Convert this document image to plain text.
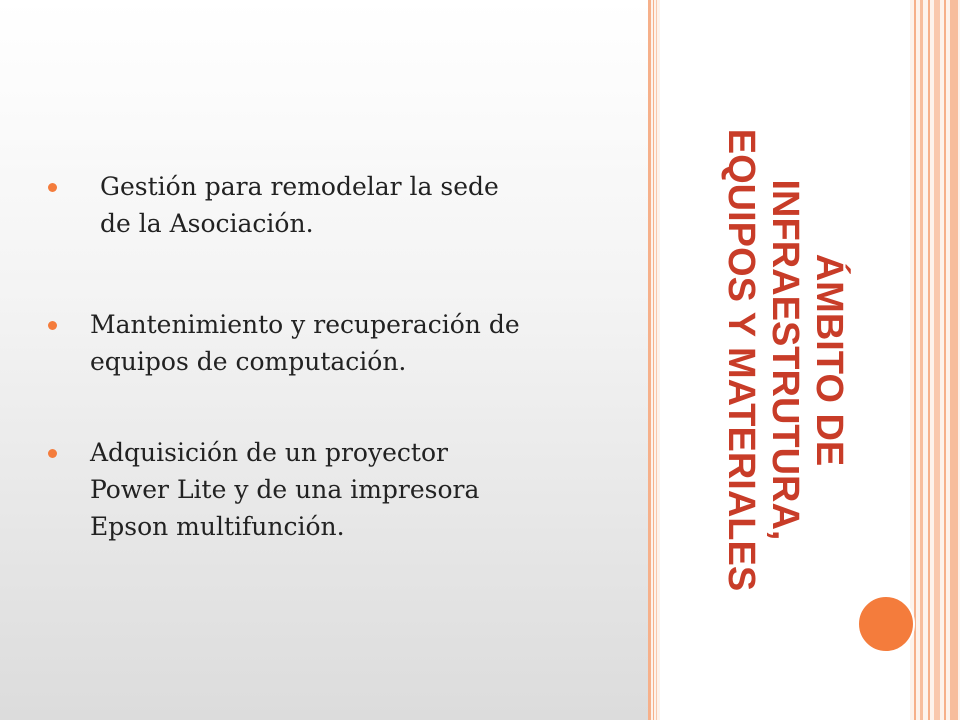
Gestión para remodelar la sede
de la Asociación.
Mantenimiento y recuperación de
equipos de computación.
Adquisición de un proyector
Power Lite y de una impresora
Epson multifunción.
ÁMBITO DE
INFRAESTRUTURA,
EQUIPOS Y MATERIALES
